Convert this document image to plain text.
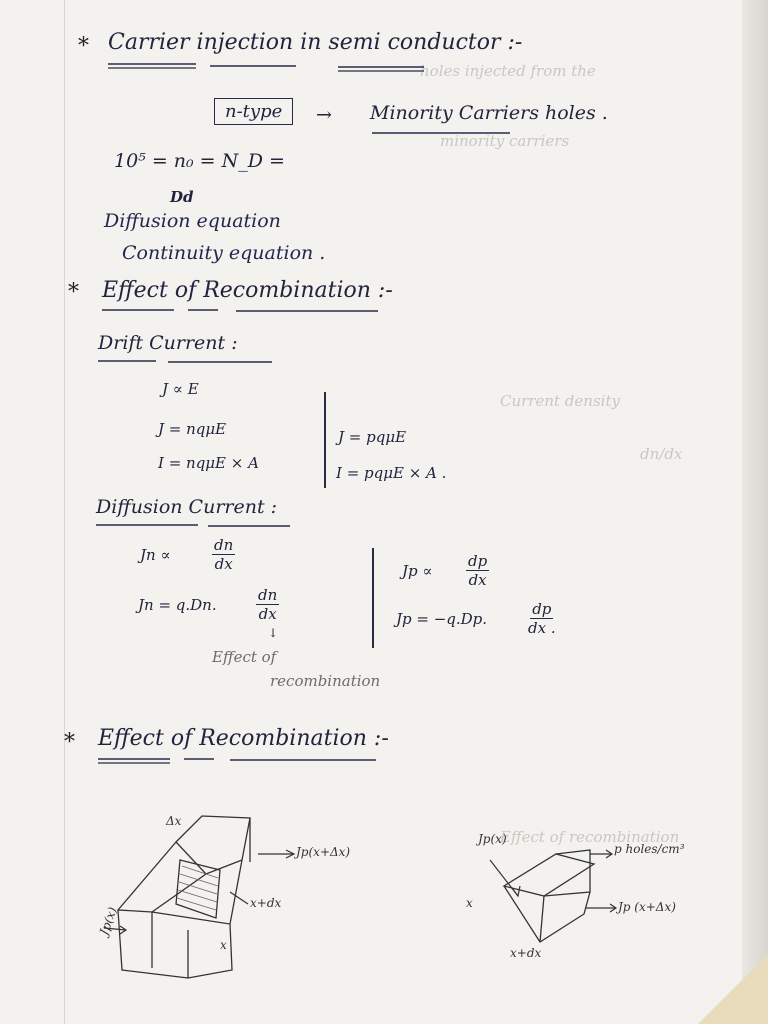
holes injected from the
minority carriers
Current density
dn/dx
Effect of recombination
* Carrier injection in semi conductor :-
n-type	→ Minority Carriers holes .
10⁵ = n₀ = N_D =
Dd
Diffusion equation
Continuity equation .
* Effect of Recombination :-
Drift Current :
J ∝ E
J = nqμE
I = nqμE × A
J = pqμE
I = pqμE × A .
Diffusion Current :
Jn ∝	$\frac{dn}{dx}$
Jn = q.Dn.	$\frac{dn}{dx}$
↓
$Jp \propto \frac{dp}{dx}$
Jp = −q.Dp.	$\frac{dp}{dx .}$
Effect of
recombination
* Effect of Recombination :-
Δx
Jp(x+Δx)
x+dx
Jp(x)
x
Jp(x)
p holes/cm³
Jp (x+Δx)
x
x+dx
